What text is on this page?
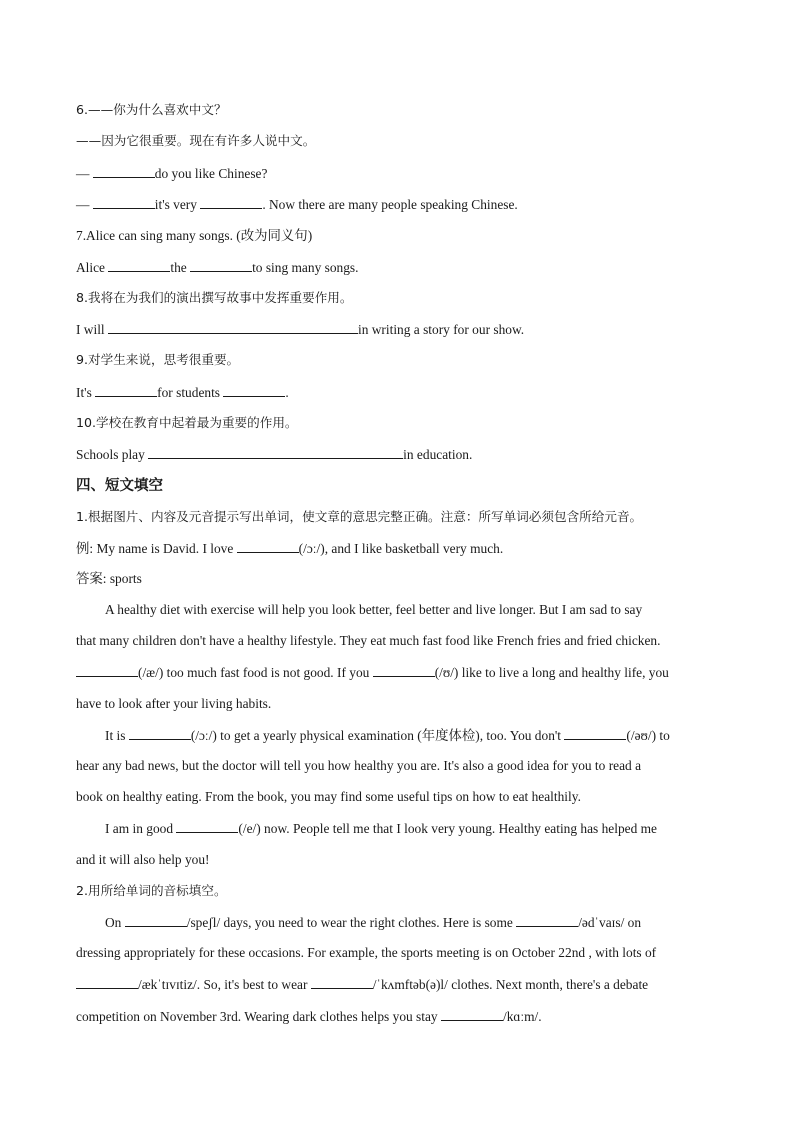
6.——你为什么喜欢中文？
——因为它很重要。现在有许多人说中文。
—	do you like Chinese?
—	it's very	. Now there are many people speaking Chinese.
7.Alice can sing many songs. (改为同义句)
Alice	the	to sing many songs.
8.我将在为我们的演出撰写故事中发挥重要作用。
I will	in writing a story for our show.
9.对学生来说，思考很重要。
It's	for students	.
10.学校在教育中起着最为重要的作用。
Schools play	in education.
四、短文填空
1.根据图片、内容及元音提示写出单词，使文章的意思完整正确。注意：所写单词必须包含所给元音。
例: My name is David. I love	(/ɔː/), and I like basketball very much.
答案: sports
A healthy diet with exercise will help you look better, feel better and live longer. But I am sad to say
that many children don't have a healthy lifestyle. They eat much fast food like French fries and fried chicken.
(/æ/) too much fast food is not good. If you	(/ʊ/) like to live a long and healthy life, you
have to look after your living habits.
It is	(/ɔː/) to get a yearly physical examination (年度体检), too. You don't	(/əʊ/) to
hear any bad news, but the doctor will tell you how healthy you are. It's also a good idea for you to read a
book on healthy eating. From the book, you may find some useful tips on how to eat healthily.
I am in good	(/e/) now. People tell me that I look very young. Healthy eating has helped me
and it will also help you!
2.用所给单词的音标填空。
On	/speʃl/ days, you need to wear the right clothes. Here is some	/ədˈvaɪs/ on
dressing appropriately for these occasions. For example, the sports meeting is on October 22nd , with lots of
/ækˈtɪvɪtiz/. So, it's best to wear	/ˈkʌmftəb(ə)l/ clothes. Next month, there's a debate
competition on November 3rd. Wearing dark clothes helps you stay	/kɑːm/.
